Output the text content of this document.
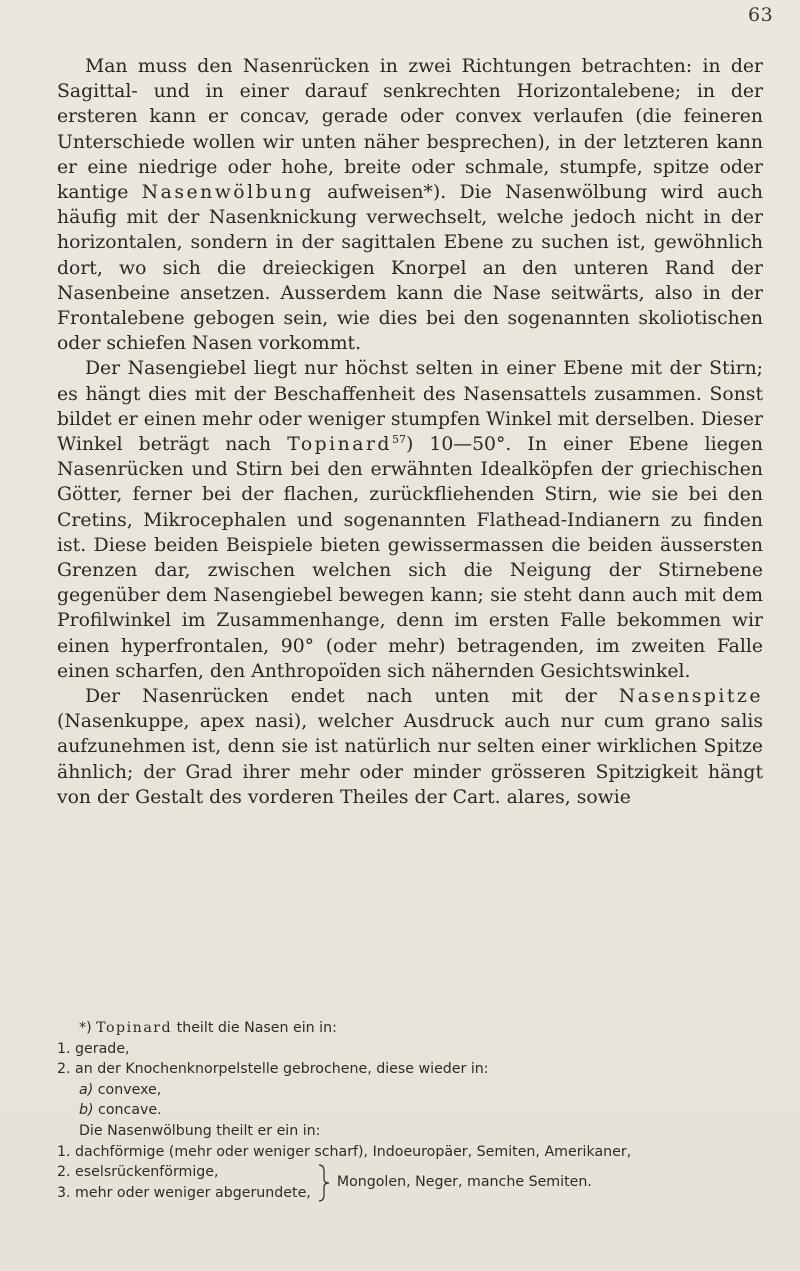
63

Man muss den Nasenrücken in zwei Richtungen betrachten: in der Sagittal- und in einer darauf senkrechten Horizontalebene; in der ersteren kann er concav, gerade oder convex verlaufen (die feineren Unterschiede wollen wir unten näher besprechen), in der letzteren kann er eine niedrige oder hohe, breite oder schmale, stumpfe, spitze oder kantige Nasenwölbung aufweisen*). Die Nasenwölbung wird auch häufig mit der Nasenknickung verwechselt, welche jedoch nicht in der horizontalen, sondern in der sagittalen Ebene zu suchen ist, gewöhnlich dort, wo sich die dreieckigen Knorpel an den unteren Rand der Nasenbeine ansetzen. Ausserdem kann die Nase seitwärts, also in der Frontalebene gebogen sein, wie dies bei den sogenannten skoliotischen oder schiefen Nasen vorkommt.

Der Nasengiebel liegt nur höchst selten in einer Ebene mit der Stirn; es hängt dies mit der Beschaffenheit des Nasensattels zusammen. Sonst bildet er einen mehr oder weniger stumpfen Winkel mit derselben. Dieser Winkel beträgt nach Topinard$^{57}$) 10—50°. In einer Ebene liegen Nasenrücken und Stirn bei den erwähnten Idealköpfen der griechischen Götter, ferner bei der flachen, zurückfliehenden Stirn, wie sie bei den Cretins, Mikrocephalen und sogenannten Flathead-Indianern zu finden ist. Diese beiden Beispiele bieten gewissermassen die beiden äussersten Grenzen dar, zwischen welchen sich die Neigung der Stirnebene gegenüber dem Nasengiebel bewegen kann; sie steht dann auch mit dem Profilwinkel im Zusammenhange, denn im ersten Falle bekommen wir einen hyperfrontalen, 90° (oder mehr) betragenden, im zweiten Falle einen scharfen, den Anthropoïden sich nähernden Gesichtswinkel.

Der Nasenrücken endet nach unten mit der Nasenspitze (Nasenkuppe, apex nasi), welcher Ausdruck auch nur cum grano salis aufzunehmen ist, denn sie ist natürlich nur selten einer wirklichen Spitze ähnlich; der Grad ihrer mehr oder minder grösseren Spitzigkeit hängt von der Gestalt des vorderen Theiles der Cart. alares, sowie

*) Topinard theilt die Nasen ein in:

1. gerade,

2. an der Knochenknorpelstelle gebrochene, diese wieder in:

a) convexe,

b) concave.

Die Nasenwölbung theilt er ein in:

1. dachförmige (mehr oder weniger scharf), Indoeuropäer, Semiten, Amerikaner,

2. eselsrückenförmige,

3. mehr oder weniger abgerundete,

Mongolen, Neger, manche Semiten.
